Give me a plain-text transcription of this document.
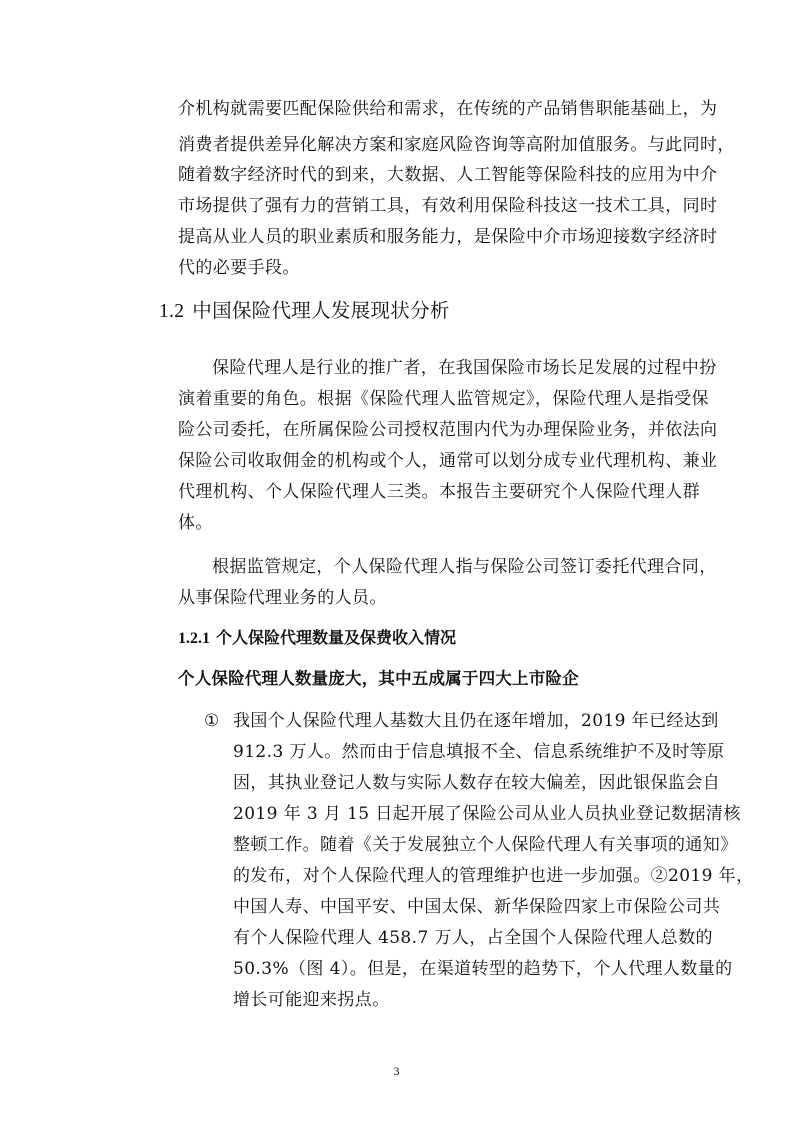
介机构就需要匹配保险供给和需求，在传统的产品销售职能基础上，为
消费者提供差异化解决方案和家庭风险咨询等高附加值服务。与此同时，
随着数字经济时代的到来，大数据、人工智能等保险科技的应用为中介
市场提供了强有力的营销工具，有效利用保险科技这一技术工具，同时
提高从业人员的职业素质和服务能力，是保险中介市场迎接数字经济时
代的必要手段。
1.2 中国保险代理人发展现状分析
保险代理人是行业的推广者，在我国保险市场长足发展的过程中扮
演着重要的角色。根据《保险代理人监管规定》，保险代理人是指受保
险公司委托，在所属保险公司授权范围内代为办理保险业务，并依法向
保险公司收取佣金的机构或个人，通常可以划分成专业代理机构、兼业
代理机构、个人保险代理人三类。本报告主要研究个人保险代理人群
体。
根据监管规定，个人保险代理人指与保险公司签订委托代理合同，
从事保险代理业务的人员。
1.2.1 个人保险代理数量及保费收入情况
个人保险代理人数量庞大，其中五成属于四大上市险企
① 我国个人保险代理人基数大且仍在逐年增加，2019 年已经达到
912.3 万人。然而由于信息填报不全、信息系统维护不及时等原
因，其执业登记人数与实际人数存在较大偏差，因此银保监会自
2019 年 3 月 15 日起开展了保险公司从业人员执业登记数据清核
整顿工作。随着《关于发展独立个人保险代理人有关事项的通知》
的发布，对个人保险代理人的管理维护也进一步加强。②2019 年，
中国人寿、中国平安、中国太保、新华保险四家上市保险公司共
有个人保险代理人 458.7 万人，占全国个人保险代理人总数的
50.3%（图 4）。但是，在渠道转型的趋势下，个人代理人数量的
增长可能迎来拐点。
3
